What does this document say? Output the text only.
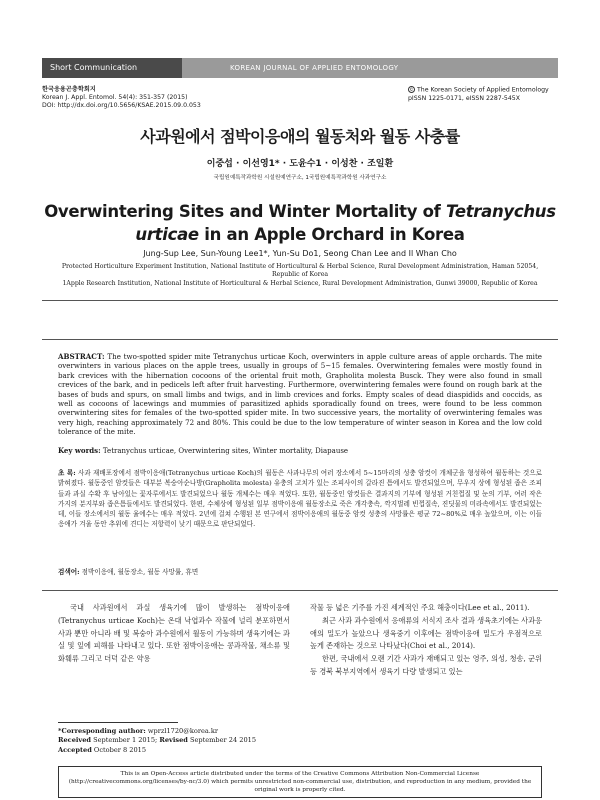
Short Communication	KOREAN JOURNAL OF APPLIED ENTOMOLOGY
한국응용곤충학회지
Korean J. Appl. Entomol. 54(4): 351-357 (2015)
DOI: http://dx.doi.org/10.5656/KSAE.2015.09.0.053
© The Korean Society of Applied Entomology
pISSN 1225-0171, eISSN 2287-545X
사과원에서 점박이응애의 월동처와 월동 사충률
이중섭 · 이선영1* · 도윤수1 · 이성찬 · 조일환
국립원예특작과학원 시설원예연구소, 1국립원예특작과학원 사과연구소
Overwintering Sites and Winter Mortality of Tetranychus urticae in an Apple Orchard in Korea
Jung-Sup Lee, Sun-Young Lee1*, Yun-Su Do1, Seong Chan Lee and Il Whan Cho
Protected Horticulture Experiment Institution, National Institute of Horticultural & Herbal Science, Rural Development Administration, Haman 52054, Republic of Korea
1Apple Research Institution, National Institute of Horticultural & Herbal Science, Rural Development Administration, Gunwi 39000, Republic of Korea
ABSTRACT: The two-spotted spider mite Tetranychus urticae Koch, overwinters in apple culture areas of apple orchards. The mite overwinters in various places on the apple trees, usually in groups of 5~15 females. Overwintering females were mostly found in bark crevices with the hibernation cocoons of the oriental fruit moth, Grapholita molesta Busck. They were also found in small crevices of the bark, and in pedicels left after fruit harvesting. Furthermore, overwintering females were found on rough bark at the bases of buds and spurs, on small limbs and twigs, and in limb crevices and forks. Empty scales of dead diaspidids and coccids, as well as cocoons of lacewings and mummies of parasitized aphids sporadically found on trees, were found to be less common overwintering sites for females of the two-spotted spider mite. In two successive years, the mortality of overwintering females was very high, reaching approximately 72 and 80%. This could be due to the low temperature of winter season in Korea and the low cold tolerance of the mite.
Key words: Tetranychus urticae, Overwintering sites, Winter mortality, Diapause
초 록: 사과 재배포장에서 점박이응애(Tetranychus urticae Koch)의 월동은 사과나무의 여러 장소에서 5~15마리의 성충 암컷이 개체군을 형성하여 월동하는 것으로 밝혀졌다. 월동중인 암컷들은 대부분 복숭아순나방(Grapholita molesta) 유충의 고치가 있는 조피사이의 갈라진 틈에서도 발견되었으며, 무우지 상에 형성된 좁은 조피들과 과실 수확 후 남아있는 꽃자루에서도 발견되었으나 월동 개체수는 매우 적었다. 또한, 월동중인 암컷들은 결과지의 기부에 형성된 거친껍질 및 눈의 기부, 여러 작은가지의 분지부와 좁은틈들에서도 발견되었다. 한편, 수체상에 형성된 일부 점박이응애 월동장소로 죽은 개각충속, 깍지벌레 빈껍질속, 진딧물의 미라속에서도 발견되었는데, 이들 장소에서의 월동 율에수는 매우 적었다. 2년에 걸쳐 수행된 본 연구에서 점박이응애의 월동중 암컷 성충의 사망률은 평균 72~80%로 매우 높았으며, 이는 이들 응애가 겨울 동안 추위에 견디는 저항력이 낮기 때문으로 판단되었다.
검색어: 점박이응애, 월동장소, 월동 사망률, 휴면
국내 사과원에서 과실 생육기에 많이 발생하는 점박이응애(Tetranychus urticae Koch)는 온대 낙엽과수 작물에 널리 분포하면서 사과 뿐만 아니라 배 및 복숭아 과수원에서 월동이 가능하며 생육기에는 과실 및 잎에 피해를 나타내고 있다. 또한 점박이응애는 콩과작물, 채소류 및 화훼류 그리고 더덕 같은 약용

작물 등 넓은 기주를 가진 세계적인 주요 해충이다(Lee et al., 2011).

최근 사과 과수원에서 응애류의 서식지 조사 결과 생육초기에는 사과응애의 밀도가 높았으나 생육중기 이후에는 점박이응애 밀도가 우점적으로 높게 존재하는 것으로 나타났다(Choi et al., 2014).

한편, 국내에서 오랜 기간 사과가 재배되고 있는 영주, 의성, 청송, 군위 등 경북 북부지역에서 생육기 다량 발생되고 있는

*Corresponding author: wprzl1720@korea.kr
Received September 1 2015; Revised September 24 2015
Accepted October 8 2015
This is an Open-Access article distributed under the terms of the Creative Commons Attribution Non-Commercial License (http://creativecommons.org/licenses/by-nc/3.0) which permits unrestricted non-commercial use, distribution, and reproduction in any medium, provided the original work is properly cited.
